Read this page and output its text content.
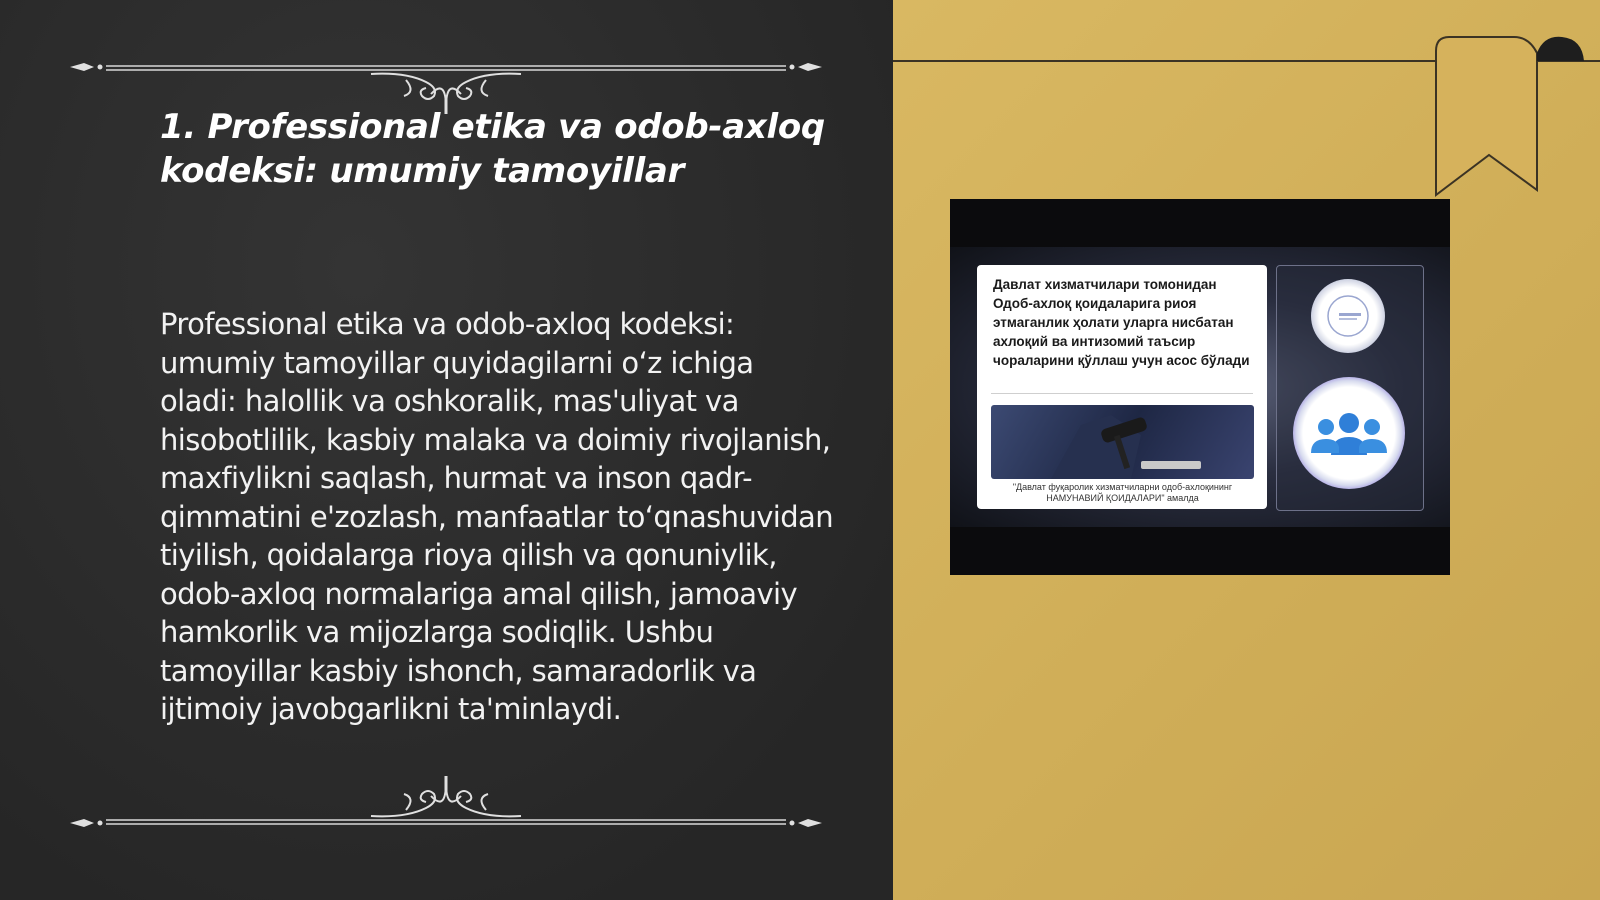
1. Professional etika va odob-axloq kodeksi: umumiy tamoyillar
Professional etika va odob-axloq kodeksi: umumiy tamoyillar quyidagilarni o‘z ichiga oladi: halollik va oshkoralik, mas'uliyat va hisobotlilik, kasbiy malaka va doimiy rivojlanish, maxfiylikni saqlash, hurmat va inson qadr-qimmatini e'zozlash, manfaatlar to‘qnashuvidan tiyilish, qoidalarga rioya qilish va qonuniylik, odob-axloq normalariga amal qilish, jamoaviy hamkorlik va mijozlarga sodiqlik. Ushbu tamoyillar kasbiy ishonch, samaradorlik va ijtimoiy javobgarlikni ta'minlaydi.
Давлат хизматчилари томонидан Одоб-ахлоқ қоидаларига риоя этмаганлик ҳолати уларга нисбатан ахлоқий ва интизомий таъсир чораларини қўллаш учун асос бўлади
"Давлат фуқаролик хизматчиларни одоб-ахлоқининг НАМУНАВИЙ ҚОИДАЛАРИ" амалда
